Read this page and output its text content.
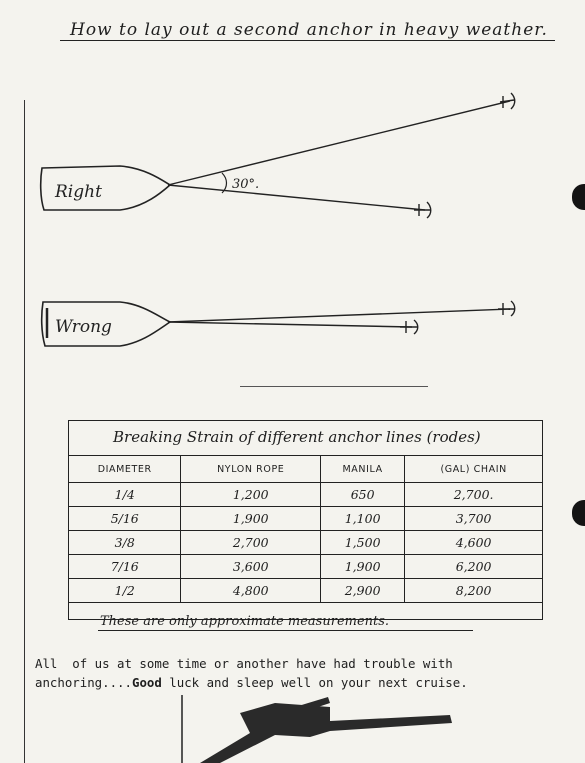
How to lay out a second anchor in heavy weather.
Right	30°.
Wrong
Breaking Strain of different anchor lines (rodes)
DIAMETER	NYLON ROPE	MANILA	(GAL) CHAIN
1/4	1,200	650	2,700.
5/16	1,900	1,100	3,700
3/8	2,700	1,500	4,600
7/16	3,600	1,900	6,200
1/2	4,800	2,900	8,200
These are only approximate measurements.
All  of us at some time or another have had trouble with
anchoring....Good luck and sleep well on your next cruise.
